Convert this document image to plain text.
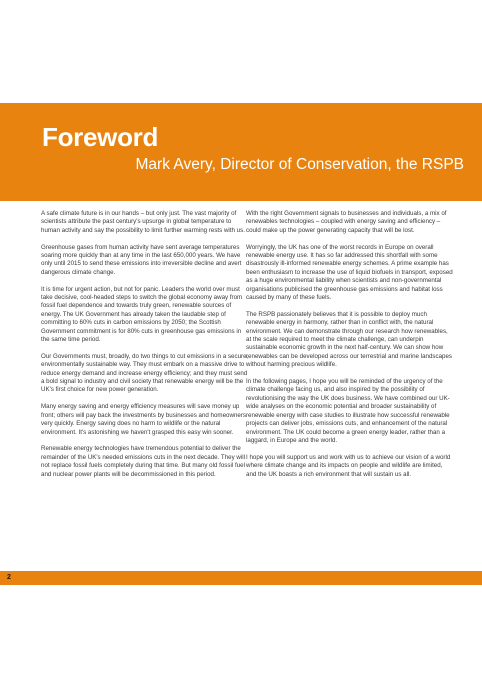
Foreword
Mark Avery, Director of Conservation, the RSPB

A safe climate future is in our hands – but only just. The vast majority of scientists attribute the past century's upsurge in global temperature to human activity and say the possibility to limit further warming rests with us.

Greenhouse gases from human activity have sent average temperatures soaring more quickly than at any time in the last 650,000 years. We have only until 2015 to send these emissions into irreversible decline and avert dangerous climate change.

It is time for urgent action, but not for panic. Leaders the world over must take decisive, cool-headed steps to switch the global economy away from fossil fuel dependence and towards truly green, renewable sources of energy. The UK Government has already taken the laudable step of committing to 60% cuts in carbon emissions by 2050; the Scottish Government commitment is for 80% cuts in greenhouse gas emissions in the same time period.

Our Governments must, broadly, do two things to cut emissions in a secure, environmentally sustainable way. They must embark on a massive drive to reduce energy demand and increase energy efficiency; and they must send a bold signal to industry and civil society that renewable energy will be the UK's first choice for new power generation.

Many energy saving and energy efficiency measures will save money up front; others will pay back the investments by businesses and homeowners very quickly. Energy saving does no harm to wildlife or the natural environment. It's astonishing we haven't grasped this easy win sooner.

Renewable energy technologies have tremendous potential to deliver the remainder of the UK's needed emissions cuts in the next decade. They will not replace fossil fuels completely during that time. But many old fossil fuel and nuclear power plants will be decommissioned in this period.

With the right Government signals to businesses and individuals, a mix of renewables technologies – coupled with energy saving and efficiency – could make up the power generating capacity that will be lost.

Worryingly, the UK has one of the worst records in Europe on overall renewable energy use. It has so far addressed this shortfall with some disastrously ill-informed renewable energy schemes. A prime example has been enthusiasm to increase the use of liquid biofuels in transport, exposed as a huge environmental liability when scientists and non-governmental organisations publicised the greenhouse gas emissions and habitat loss caused by many of these fuels.

The RSPB passionately believes that it is possible to deploy much renewable energy in harmony, rather than in conflict with, the natural environment. We can demonstrate through our research how renewables, at the scale required to meet the climate challenge, can underpin sustainable economic growth in the next half-century. We can show how renewables can be developed across our terrestrial and marine landscapes without harming precious wildlife.

In the following pages, I hope you will be reminded of the urgency of the climate challenge facing us, and also inspired by the possibility of revolutionising the way the UK does business. We have combined our UK-wide analyses on the economic potential and broader sustainability of renewable energy with case studies to illustrate how successful renewable projects can deliver jobs, emissions cuts, and enhancement of the natural environment. The UK could become a green energy leader, rather than a laggard, in Europe and the world.

I hope you will support us and work with us to achieve our vision of a world where climate change and its impacts on people and wildlife are limited, and the UK boasts a rich environment that will sustain us all.

2
